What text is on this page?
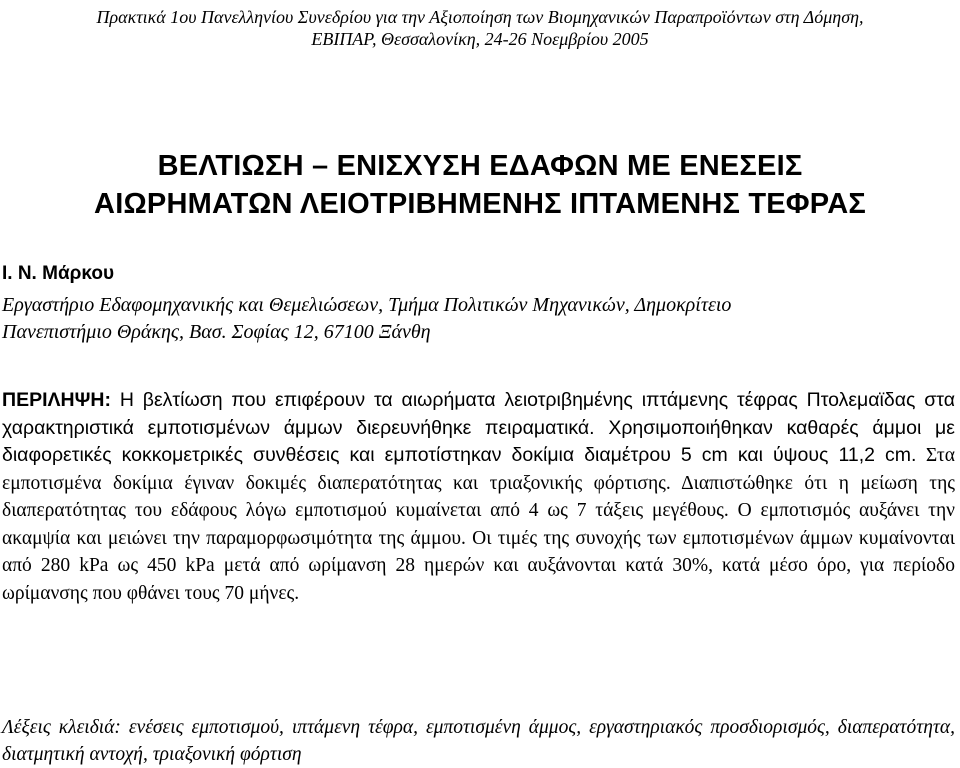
Πρακτικά 1ου Πανελληνίου Συνεδρίου για την Αξιοποίηση των Βιομηχανικών Παραπροϊόντων στη Δόμηση,
ΕΒΙΠΑΡ, Θεσσαλονίκη, 24-26 Νοεμβρίου 2005
ΒΕΛΤΙΩΣΗ – ΕΝΙΣΧΥΣΗ ΕΔΑΦΩΝ ΜΕ ΕΝΕΣΕΙΣ
ΑΙΩΡΗΜΑΤΩΝ ΛΕΙΟΤΡΙΒΗΜΕΝΗΣ ΙΠΤΑΜΕΝΗΣ ΤΕΦΡΑΣ
Ι. Ν. Μάρκου
Εργαστήριο Εδαφομηχανικής και Θεμελιώσεων, Τμήμα Πολιτικών Μηχανικών, Δημοκρίτειο
Πανεπιστήμιο Θράκης, Βασ. Σοφίας 12, 67100 Ξάνθη
ΠΕΡΙΛΗΨΗ: Η βελτίωση που επιφέρουν τα αιωρήματα λειοτριβημένης ιπτάμενης τέφρας Πτολεμαϊδας στα χαρακτηριστικά εμποτισμένων άμμων διερευνήθηκε πειραματικά. Χρησιμοποιήθηκαν καθαρές άμμοι με διαφορετικές κοκκομετρικές συνθέσεις και εμποτίστηκαν δοκίμια διαμέτρου 5 cm και ύψους 11,2 cm. Στα εμποτισμένα δοκίμια έγιναν δοκιμές διαπερατότητας και τριαξονικής φόρτισης. Διαπιστώθηκε ότι η μείωση της διαπερατότητας του εδάφους λόγω εμποτισμού κυμαίνεται από 4 ως 7 τάξεις μεγέθους. Ο εμποτισμός αυξάνει την ακαμψία και μειώνει την παραμορφωσιμότητα της άμμου. Οι τιμές της συνοχής των εμποτισμένων άμμων κυμαίνονται από 280 kPa ως 450 kPa μετά από ωρίμανση 28 ημερών και αυξάνονται κατά 30%, κατά μέσο όρο, για περίοδο ωρίμανσης που φθάνει τους 70 μήνες.
Λέξεις κλειδιά: ενέσεις εμποτισμού, ιπτάμενη τέφρα, εμποτισμένη άμμος, εργαστηριακός προσδιορισμός, διαπερατότητα, διατμητική αντοχή, τριαξονική φόρτιση
